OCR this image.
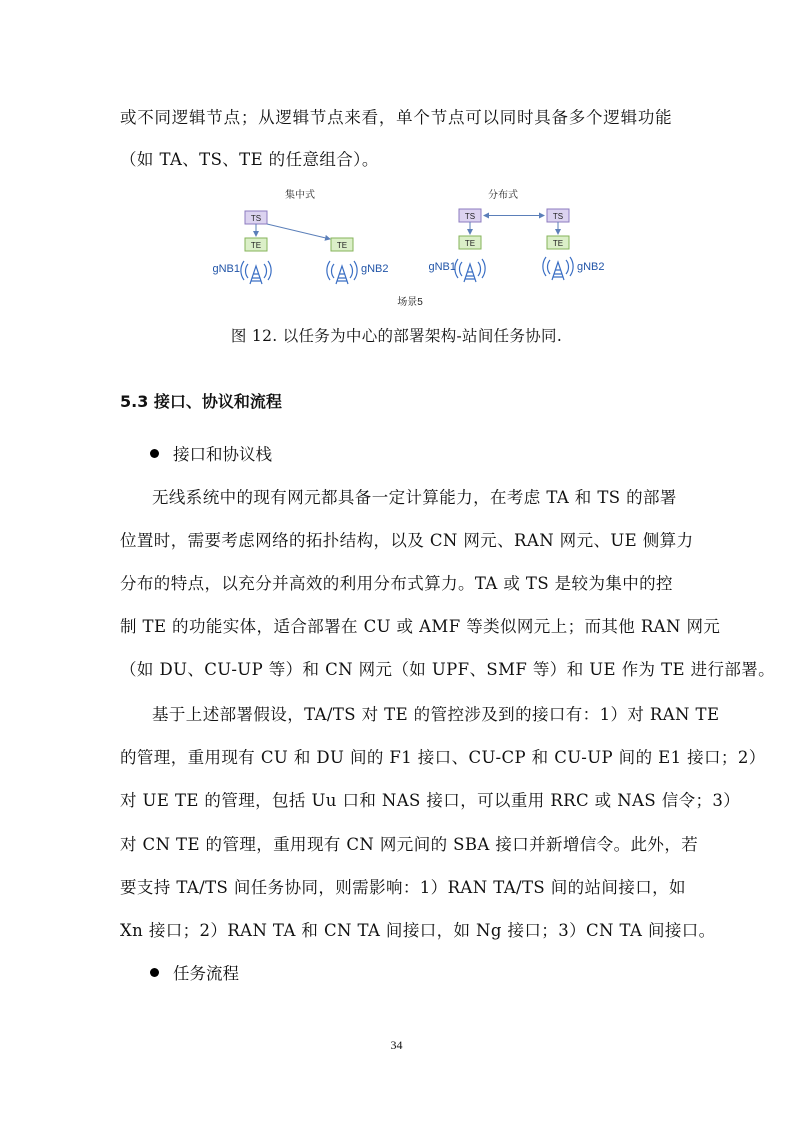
或不同逻辑节点；从逻辑节点来看，单个节点可以同时具备多个逻辑功能
（如 TA、TS、TE 的任意组合）。
集中式	分布式
TS
TE	TE
gNB1	gNB2
TS	TS
TE	TE
gNB1	gNB2
场景5
图 12. 以任务为中心的部署架构-站间任务协同.
5.3 接口、协议和流程
接口和协议栈
无线系统中的现有网元都具备一定计算能力，在考虑 TA 和 TS 的部署
位置时，需要考虑网络的拓扑结构，以及 CN 网元、RAN 网元、UE 侧算力
分布的特点，以充分并高效的利用分布式算力。TA 或 TS 是较为集中的控
制 TE 的功能实体，适合部署在 CU 或 AMF 等类似网元上；而其他 RAN 网元
（如 DU、CU-UP 等）和 CN 网元（如 UPF、SMF 等）和 UE 作为 TE 进行部署。
基于上述部署假设，TA/TS 对 TE 的管控涉及到的接口有：1）对 RAN TE
的管理，重用现有 CU 和 DU 间的 F1 接口、CU-CP 和 CU-UP 间的 E1 接口；2）
对 UE TE 的管理，包括 Uu 口和 NAS 接口，可以重用 RRC 或 NAS 信令；3）
对 CN TE 的管理，重用现有 CN 网元间的 SBA 接口并新增信令。此外，若
要支持 TA/TS 间任务协同，则需影响：1）RAN TA/TS 间的站间接口，如
Xn 接口；2）RAN TA 和 CN TA 间接口，如 Ng 接口；3）CN TA 间接口。
任务流程
34
